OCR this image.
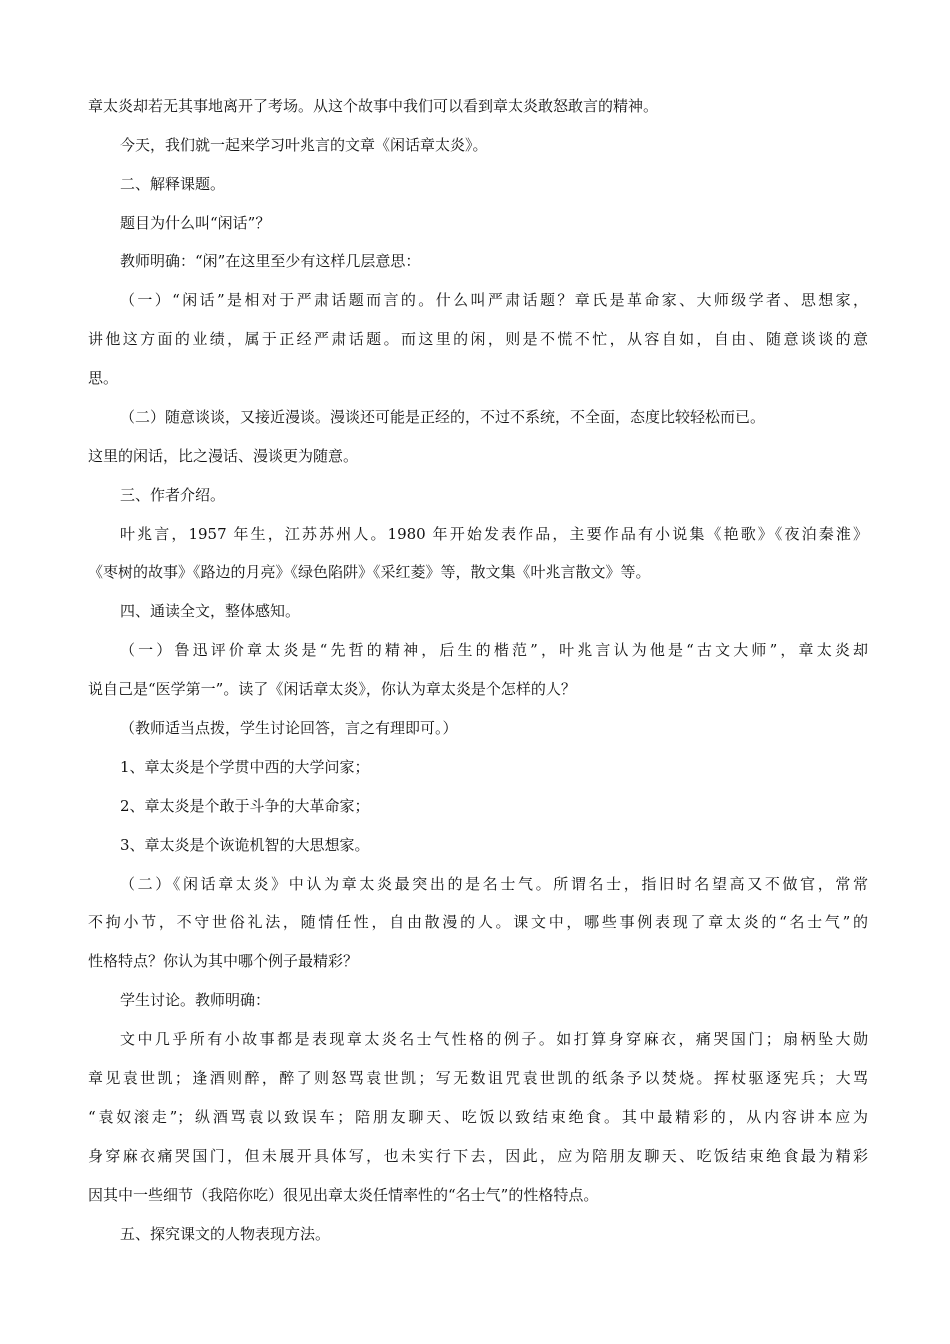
章太炎却若无其事地离开了考场。从这个故事中我们可以看到章太炎敢怒敢言的精神。
今天，我们就一起来学习叶兆言的文章《闲话章太炎》。
二、解释课题。
题目为什么叫“闲话”？
教师明确：“闲”在这里至少有这样几层意思：
（一）“闲话”是相对于严肃话题而言的。什么叫严肃话题？章氏是革命家、大师级学者、思想家，
讲他这方面的业绩，属于正经严肃话题。而这里的闲，则是不慌不忙，从容自如，自由、随意谈谈的意
思。
（二）随意谈谈，又接近漫谈。漫谈还可能是正经的，不过不系统，不全面，态度比较轻松而已。
这里的闲话，比之漫话、漫谈更为随意。
三、作者介绍。
叶兆言，1957 年生，江苏苏州人。1980 年开始发表作品，主要作品有小说集《艳歌》《夜泊秦淮》
《枣树的故事》《路边的月亮》《绿色陷阱》《采红菱》等，散文集《叶兆言散文》等。
四、通读全文，整体感知。
（一）鲁迅评价章太炎是“先哲的精神，后生的楷范”，叶兆言认为他是“古文大师”，章太炎却
说自己是“医学第一”。读了《闲话章太炎》，你认为章太炎是个怎样的人？
（教师适当点拨，学生讨论回答，言之有理即可。）
1、章太炎是个学贯中西的大学问家；
2、章太炎是个敢于斗争的大革命家；
3、章太炎是个诙诡机智的大思想家。
（二）《闲话章太炎》中认为章太炎最突出的是名士气。所谓名士，指旧时名望高又不做官，常常
不拘小节，不守世俗礼法，随情任性，自由散漫的人。课文中，哪些事例表现了章太炎的“名士气”的
性格特点？你认为其中哪个例子最精彩？
学生讨论。教师明确：
文中几乎所有小故事都是表现章太炎名士气性格的例子。如打算身穿麻衣，痛哭国门；扇柄坠大勋
章见袁世凯；逢酒则醉，醉了则怒骂袁世凯；写无数诅咒袁世凯的纸条予以焚烧。挥杖驱逐宪兵；大骂
“袁奴滚走”；纵酒骂袁以致误车；陪朋友聊天、吃饭以致结束绝食。其中最精彩的，从内容讲本应为
身穿麻衣痛哭国门，但未展开具体写，也未实行下去，因此，应为陪朋友聊天、吃饭结束绝食最为精彩
因其中一些细节（我陪你吃）很见出章太炎任情率性的“名士气”的性格特点。
五、探究课文的人物表现方法。
